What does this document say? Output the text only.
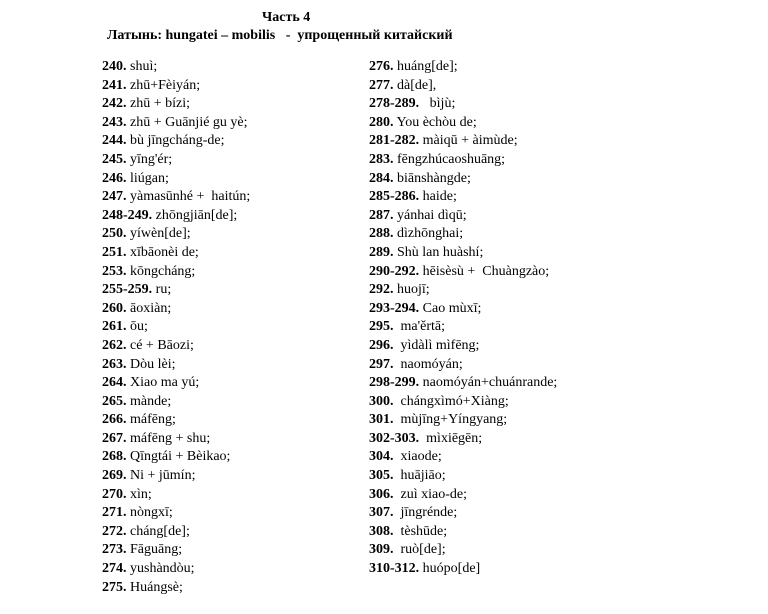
Часть 4
Латынь: hungatei – mobilis   -  упрощенный китайский
240. shuì;
241. zhū+Fèiyán;
242. zhū + bízi;
243. zhū + Guānjié gu yè;
244. bù jīngcháng-de;
245. yīng'ér;
246. liúgan;
247. yàmasūnhé +  haitún;
248-249. zhōngjiān[de];
250. yíwèn[de];
251. xībāonèi de;
253. kōngcháng;
255-259. ru;
260. āoxiàn;
261. ōu;
262. cé + Bāozi;
263. Dòu lèi;
264. Xiao ma yú;
265. mànde;
266. máfēng;
267. máfēng + shu;
268. Qīngtái + Bèikao;
269. Ni + jūmín;
270. xìn;
271. nòngxī;
272. cháng[de];
273. Fāguāng;
274. yushàndòu;
275. Huángsè;
276. huáng[de];
277. dà[de],
278-289.   bìjù;
280. You èchòu de;
281-282. màiqū + àimùde;
283. fēngzhúcaoshuāng;
284. biānshàngde;
285-286. haide;
287. yánhai dìqū;
288. dìzhōnghai;
289. Shù lan huàshí;
290-292. hēisèsù +  Chuàngzào;
292. huojī;
293-294. Cao mùxī;
295.  ma'ěrtā;
296.  yìdàlì mìfēng;
297.  naomóyán;
298-299. naomóyán+chuánrande;
300.  chángxìmó+Xiàng;
301.  mùjīng+Yíngyang;
302-303.  mìxiēgēn;
304.  xiaode;
305.  huājiāo;
306.  zuì xiao-de;
307.  jīngrénde;
308.  tèshūde;
309.  ruò[de];
310-312. huópo[de]
